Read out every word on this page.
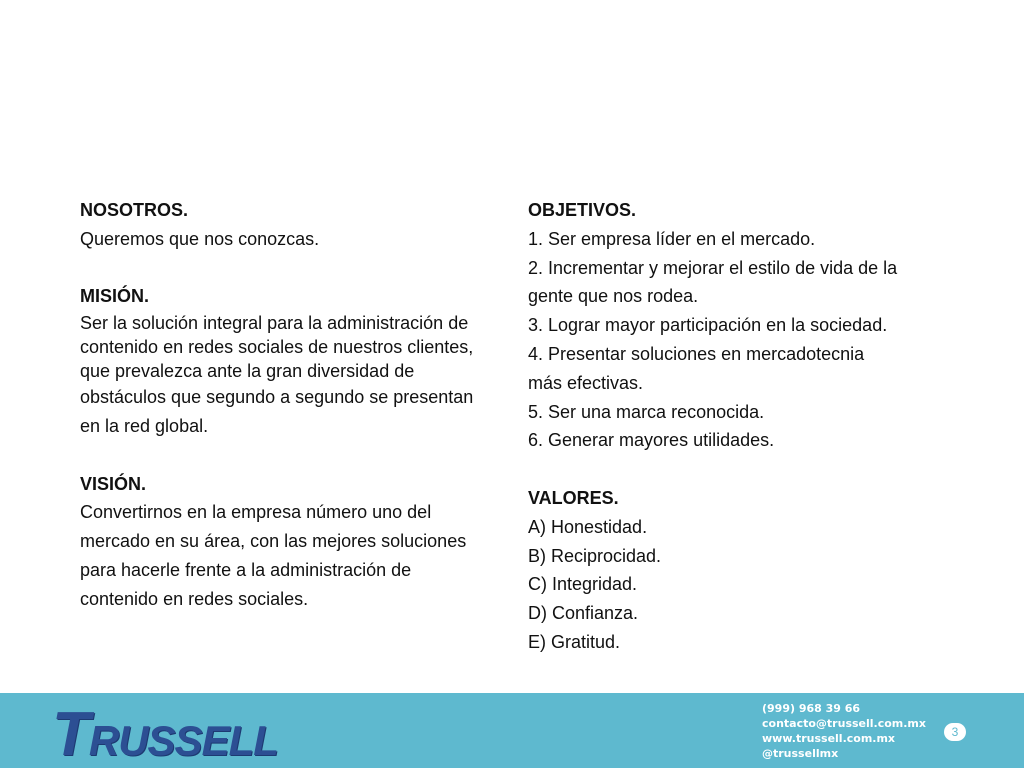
NOSOTROS.
Queremos que nos conozcas.
MISIÓN.
Ser la solución integral para la administración de
contenido en redes sociales de nuestros clientes,
que prevalezca ante la gran diversidad de
obstáculos que segundo a segundo se presentan
en la red global.
VISIÓN.
Convertirnos en la empresa número uno del
mercado en su área, con las mejores soluciones
para hacerle frente a la administración de
contenido en redes sociales.
OBJETIVOS.
1. Ser empresa líder en el mercado.
2. Incrementar y mejorar el estilo de vida de la
gente que nos rodea.
3. Lograr mayor participación en la sociedad.
4. Presentar soluciones en mercadotecnia
más efectivas.
5. Ser una marca reconocida.
6. Generar mayores utilidades.
VALORES.
A) Honestidad.
B) Reciprocidad.
C) Integridad.
D) Confianza.
E) Gratitud.
TRUSSELL
(999) 968 39 66
contacto@trussell.com.mx
www.trussell.com.mx
@trussellmx
3
